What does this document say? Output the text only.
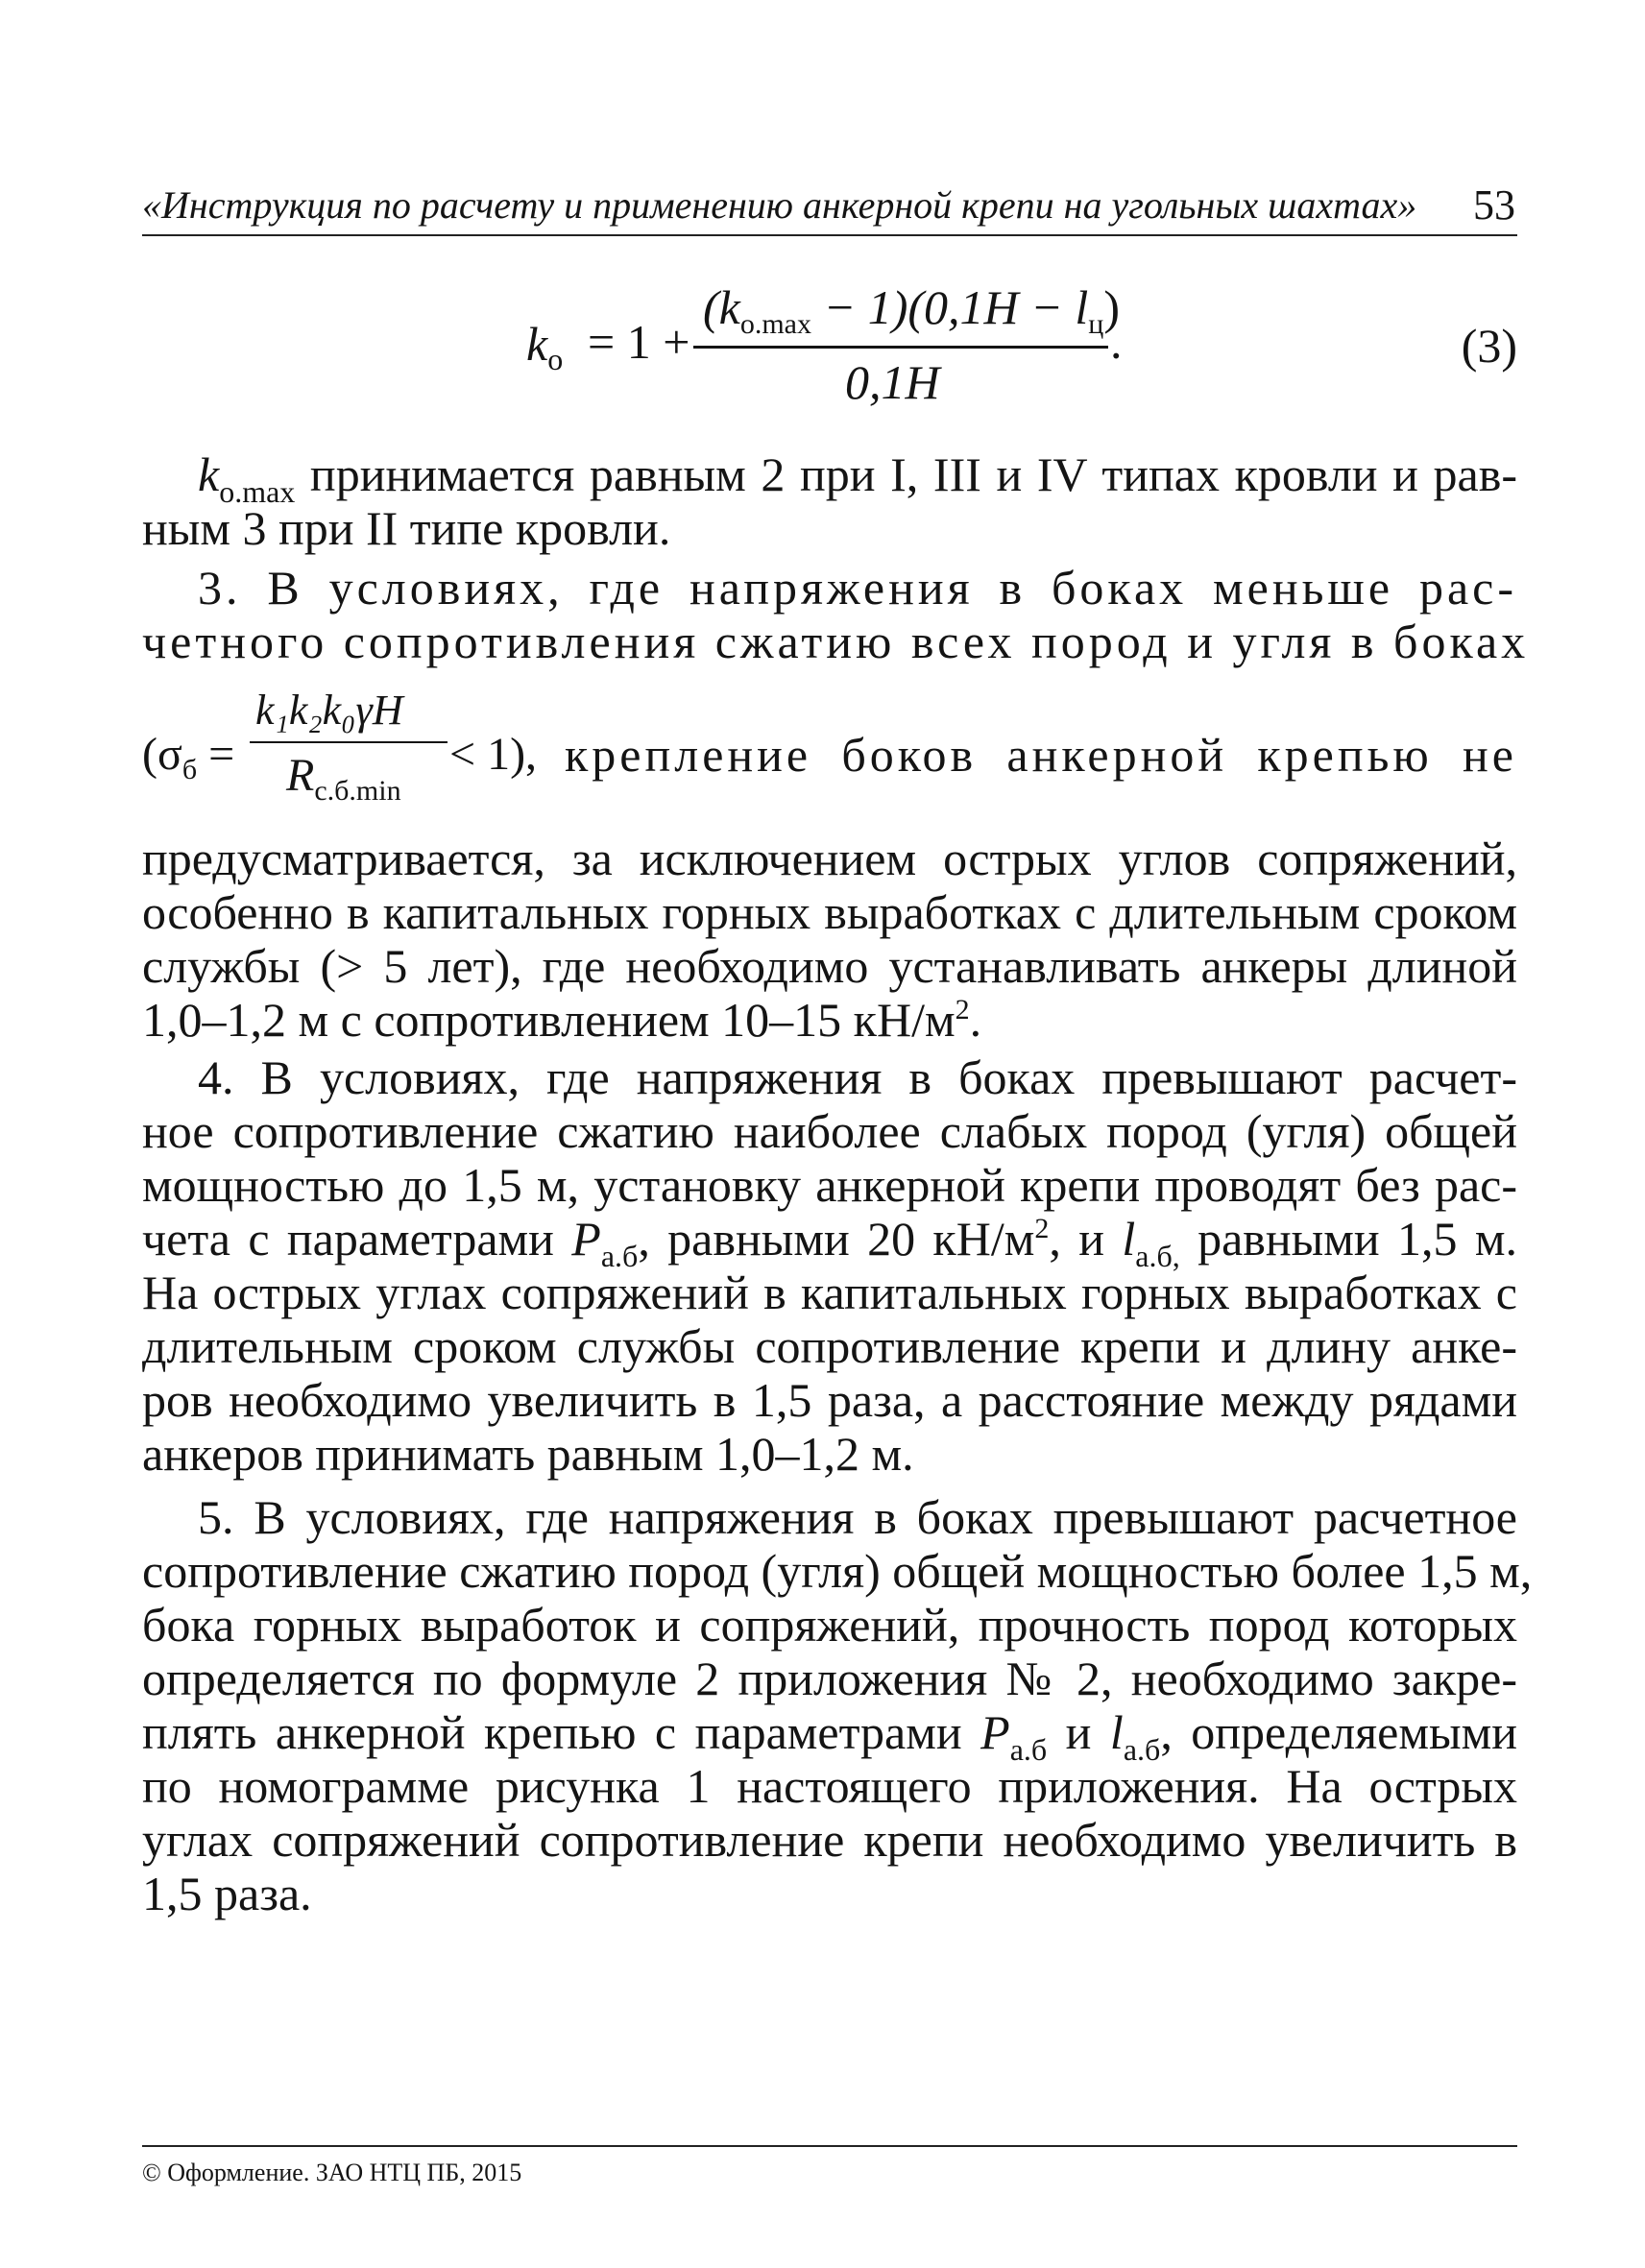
«Инструкция по расчету и применению анкерной крепи на угольных шахтах» 53
$k_о = 1$ +
$(k_{o.max} - 1)(0,1H - l_ц)$
0,1H
.	(3)
$k_{o.max}$ принимается равным 2 при I, III и IV типах кровли и рав-
ным 3 при II типе кровли.
3. В условиях, где напряжения в боках меньше рас-
четного сопротивления сжатию всех пород и угля в боках
предусматривается, за исключением острых углов сопряжений,
особенно в капитальных горных выработках с длительным сроком
службы (> 5 лет), где необходимо устанавливать анкеры длиной
1,0–1,2 м с сопротивлением 10–15 $кН/м^2$.
4. В условиях, где напряжения в боках превышают расчет-
ное сопротивление сжатию наиболее слабых пород (угля) общей
мощностью до 1,5 м, установку анкерной крепи проводят без рас-
чета с параметрами $P_{а.б}$, равными 20 $кН/м^2$, и $l_{а.б,}$ равными 1,5 м.
На острых углах сопряжений в капитальных горных выработках с
длительным сроком службы сопротивление крепи и длину анке-
ров необходимо увеличить в 1,5 раза, а расстояние между рядами
анкеров принимать равным 1,0–1,2 м.
5. В условиях, где напряжения в боках превышают расчетное
сопротивление сжатию пород (угля) общей мощностью более 1,5 м,
бока горных выработок и сопряжений, прочность пород которых
определяется по формуле 2 приложения № 2, необходимо закре-
плять анкерной крепью с параметрами $P_{а.б}$ и $l_{а.б}$, определяемыми
по номограмме рисунка 1 настоящего приложения. На острых
углах сопряжений сопротивление крепи необходимо увеличить в
1,5 раза.
($\sigma_б$ =
k₁k₂k₀γH
$R_{с.б.min}$
< 1), крепление боков анкерной крепью не
© Оформление. ЗАО НТЦ ПБ, 2015
